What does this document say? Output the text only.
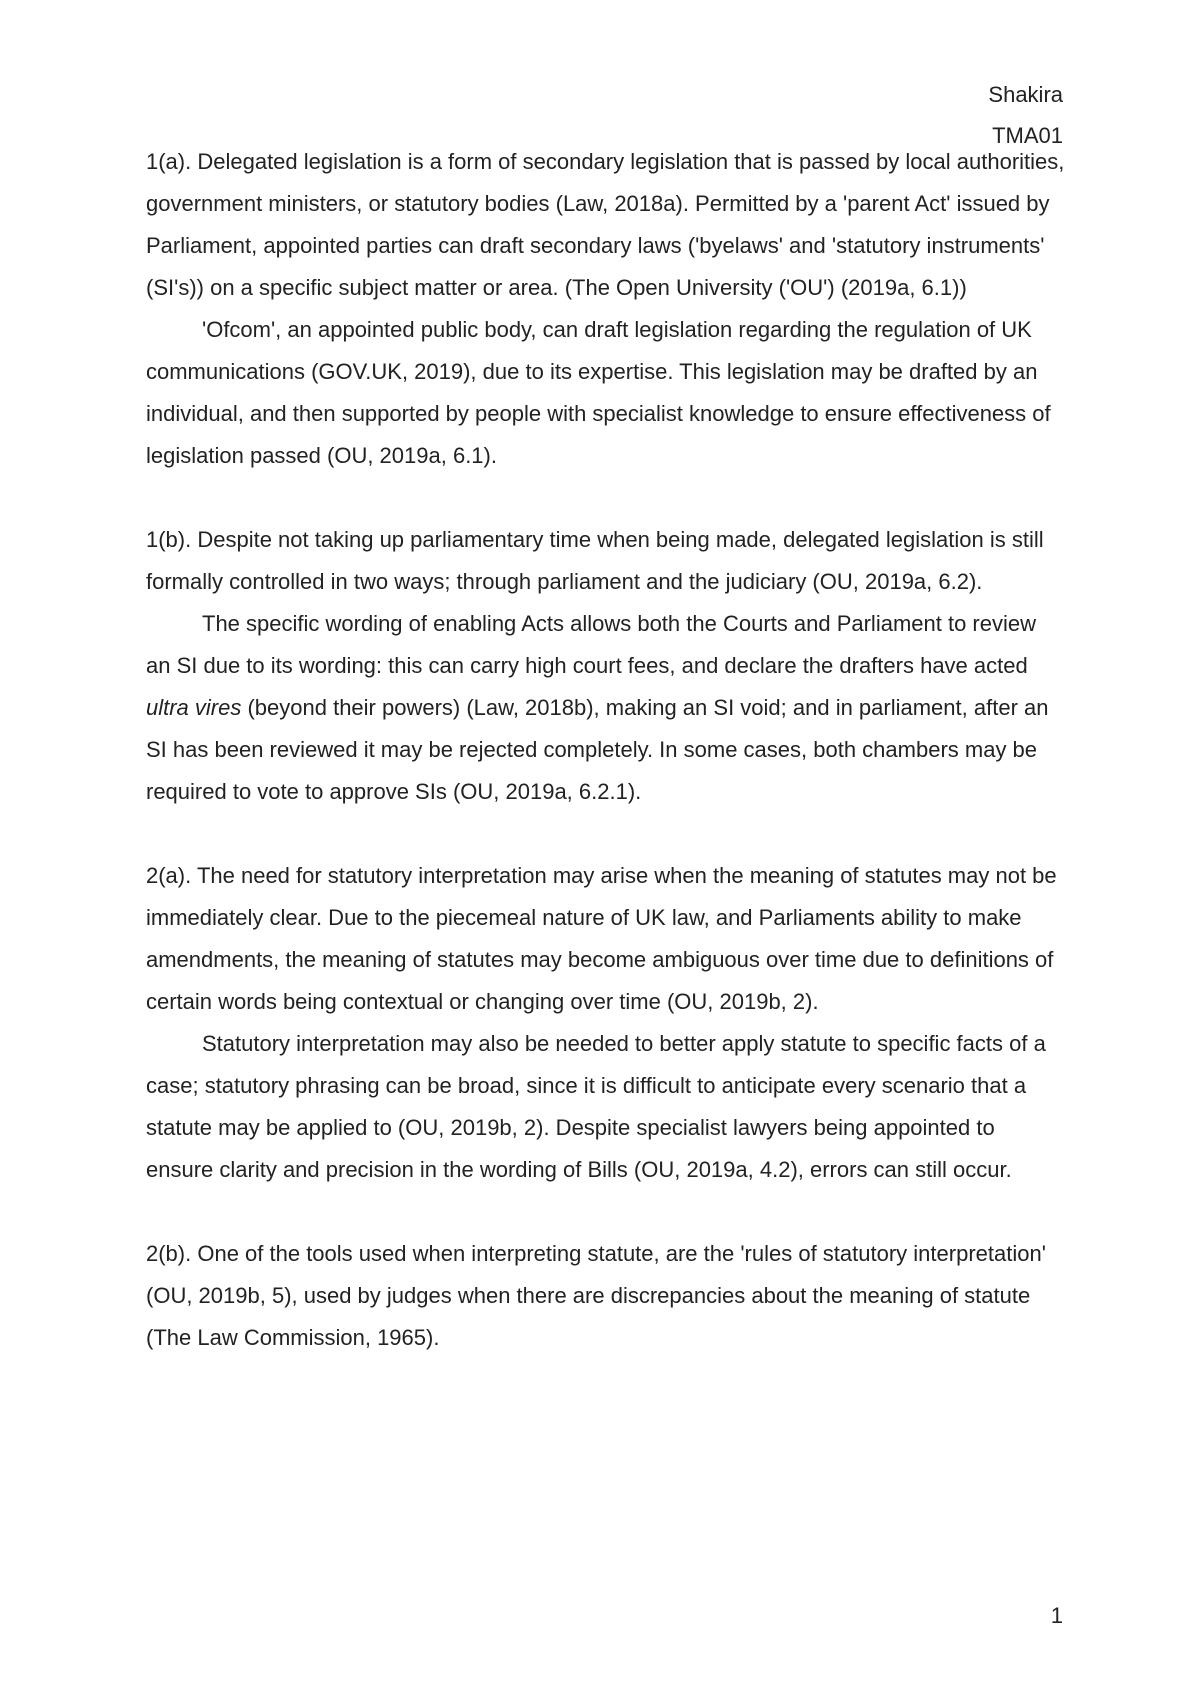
Shakira
TMA01

1(a). Delegated legislation is a form of secondary legislation that is passed by local authorities, government ministers, or statutory bodies (Law, 2018a). Permitted by a 'parent Act' issued by Parliament, appointed parties can draft secondary laws ('byelaws' and 'statutory instruments' (SI's)) on a specific subject matter or area. (The Open University ('OU') (2019a, 6.1))

'Ofcom', an appointed public body, can draft legislation regarding the regulation of UK communications (GOV.UK, 2019), due to its expertise. This legislation may be drafted by an individual, and then supported by people with specialist knowledge to ensure effectiveness of legislation passed (OU, 2019a, 6.1).

1(b). Despite not taking up parliamentary time when being made, delegated legislation is still formally controlled in two ways; through parliament and the judiciary (OU, 2019a, 6.2).

The specific wording of enabling Acts allows both the Courts and Parliament to review an SI due to its wording: this can carry high court fees, and declare the drafters have acted ultra vires (beyond their powers) (Law, 2018b), making an SI void; and in parliament, after an SI has been reviewed it may be rejected completely. In some cases, both chambers may be required to vote to approve SIs (OU, 2019a, 6.2.1).

2(a). The need for statutory interpretation may arise when the meaning of statutes may not be immediately clear. Due to the piecemeal nature of UK law, and Parliaments ability to make amendments, the meaning of statutes may become ambiguous over time due to definitions of certain words being contextual or changing over time (OU, 2019b, 2).

Statutory interpretation may also be needed to better apply statute to specific facts of a case; statutory phrasing can be broad, since it is difficult to anticipate every scenario that a statute may be applied to (OU, 2019b, 2). Despite specialist lawyers being appointed to ensure clarity and precision in the wording of Bills (OU, 2019a, 4.2), errors can still occur.

2(b). One of the tools used when interpreting statute, are the 'rules of statutory interpretation' (OU, 2019b, 5), used by judges when there are discrepancies about the meaning of statute (The Law Commission, 1965).

1
